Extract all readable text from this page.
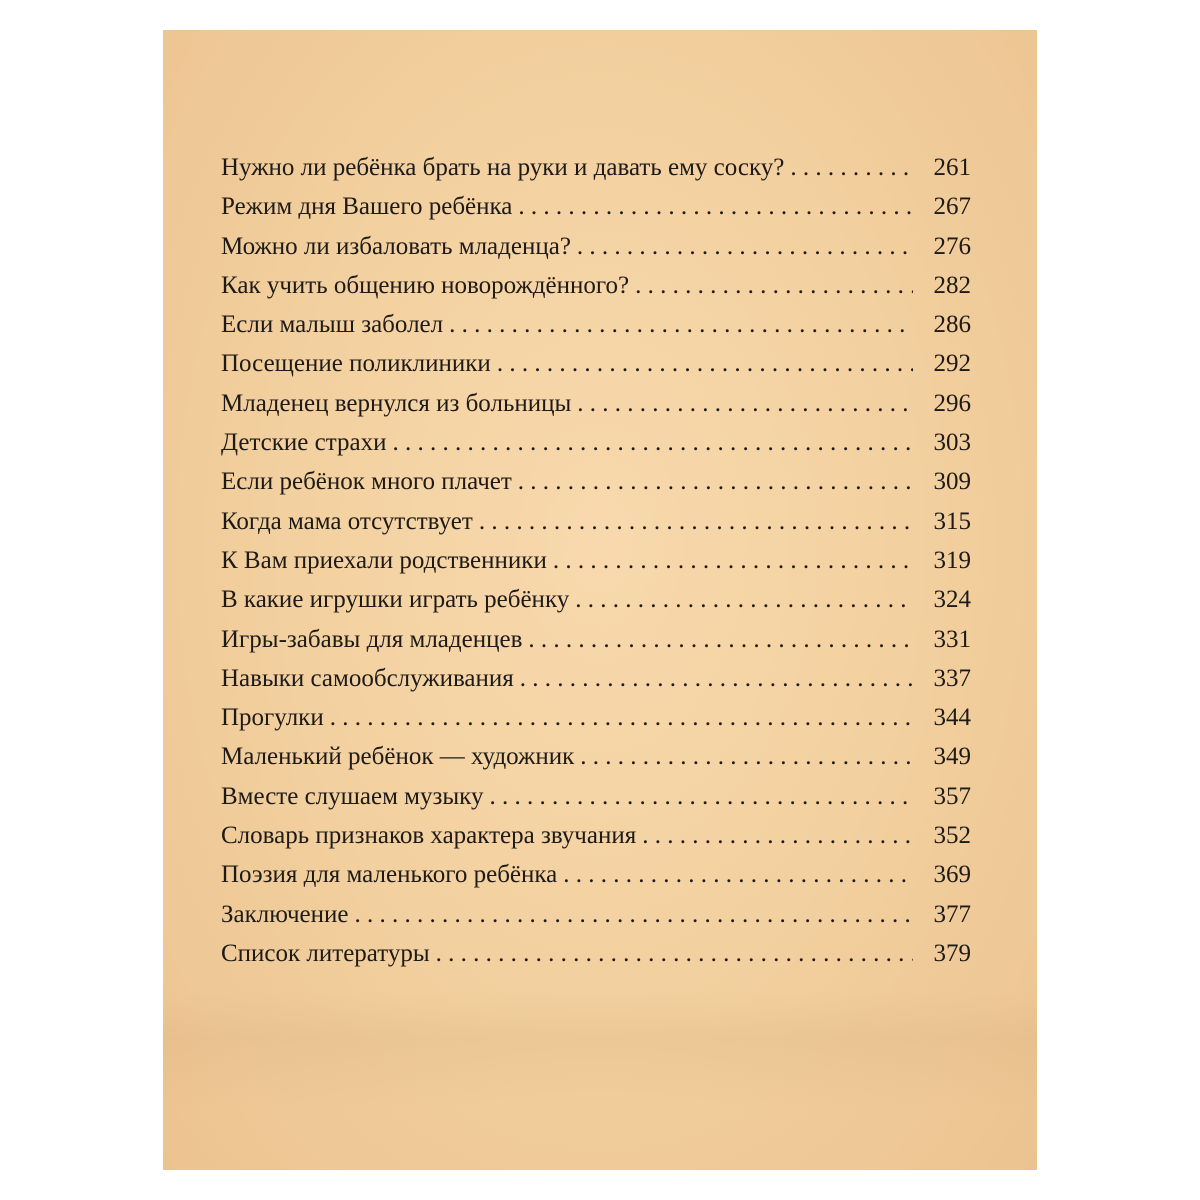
Нужно ли ребёнка брать на руки и давать ему соску? . . .	261
Режим дня Вашего ребёнка . . .	267
Можно ли избаловать младенца? . . .	276
Как учить общению новорождённого? . . .	282
Если малыш заболел . . .	286
Посещение поликлиники . . .	292
Младенец вернулся из больницы . . .	296
Детские страхи . . .	303
Если ребёнок много плачет . . .	309
Когда мама отсутствует . . .	315
К Вам приехали родственники . . .	319
В какие игрушки играть ребёнку . . .	324
Игры-забавы для младенцев . . .	331
Навыки самообслуживания . . .	337
Прогулки . . .	344
Маленький ребёнок — художник . . .	349
Вместе слушаем музыку . . .	357
Словарь признаков характера звучания . . .	352
Поэзия для маленького ребёнка . . .	369
Заключение . . .	377
Список литературы . . .	379
